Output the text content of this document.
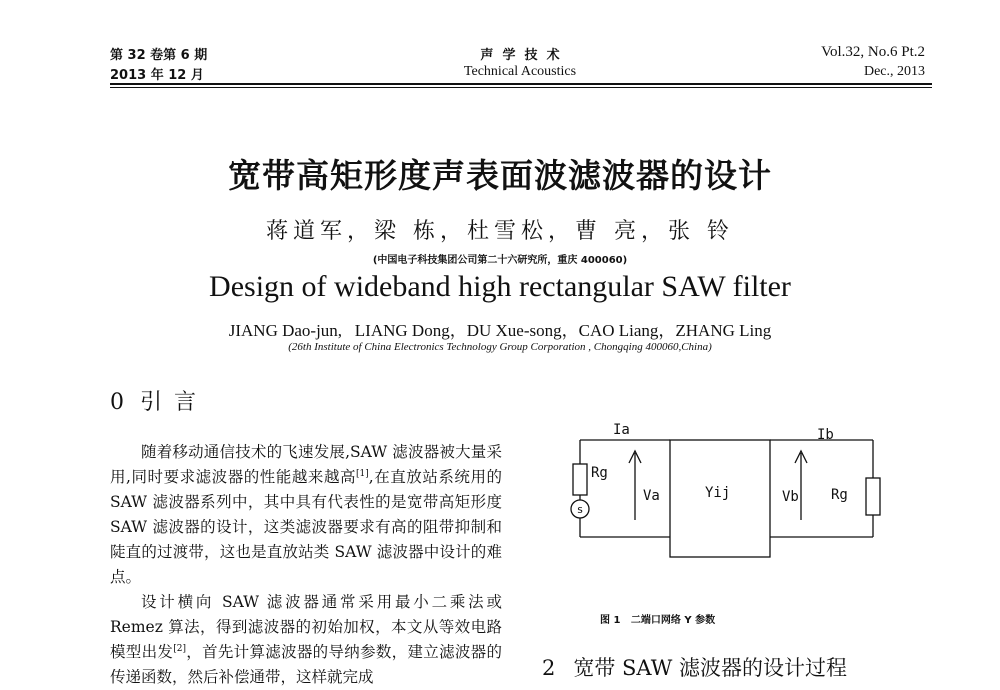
第 32 卷第 6 期
2013 年 12 月
声  学  技  术
Technical Acoustics
Vol.32, No.6 Pt.2
Dec., 2013
宽带高矩形度声表面波滤波器的设计
蒋道军，梁 栋，杜雪松，曹 亮，张 铃
(中国电子科技集团公司第二十六研究所，重庆 400060)
Design of wideband high rectangular SAW filter
JIANG Dao-jun,   LIANG Dong，DU Xue-song，CAO Liang，ZHANG Ling
(26th Institute of China Electronics Technology Group Corporation , Chongqing 400060,China)
0 引言

随着移动通信技术的飞速发展,SAW 滤波器被大量采用,同时要求滤波器的性能越来越高[1],在直放站系统用的 SAW 滤波器系列中，其中具有代表性的是宽带高矩形度 SAW 滤波器的设计，这类滤波器要求有高的阻带抑制和陡直的过渡带，这也是直放站类 SAW 滤波器中设计的难点。

设计横向 SAW 滤波器通常采用最小二乘法或 Remez 算法，得到滤波器的初始加权，本文从等效电路模型出发[2]，首先计算滤波器的导纳参数，建立滤波器的传递函数，然后补偿通带，这样就完成

s
Ia	Ib
Rg
Rg
Va	Vb
Yij
图 1   二端口网络 Y 参数
2 宽带 SAW 滤波器的设计过程
